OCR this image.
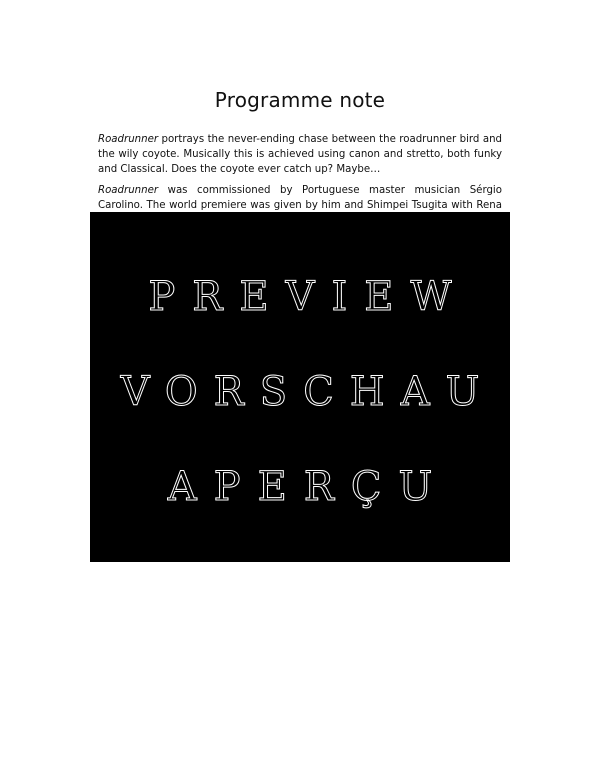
Programme note

Roadrunner portrays the never-ending chase between the roadrunner bird and the wily coyote. Musically this is achieved using canon and stretto, both funky and Classical. Does the coyote ever catch up? Maybe…

Roadrunner was commissioned by Portuguese master musician Sérgio Carolino. The world premiere was given by him and Shimpei Tsugita with Rena

PREVIEW
VORSCHAU
APERÇU
